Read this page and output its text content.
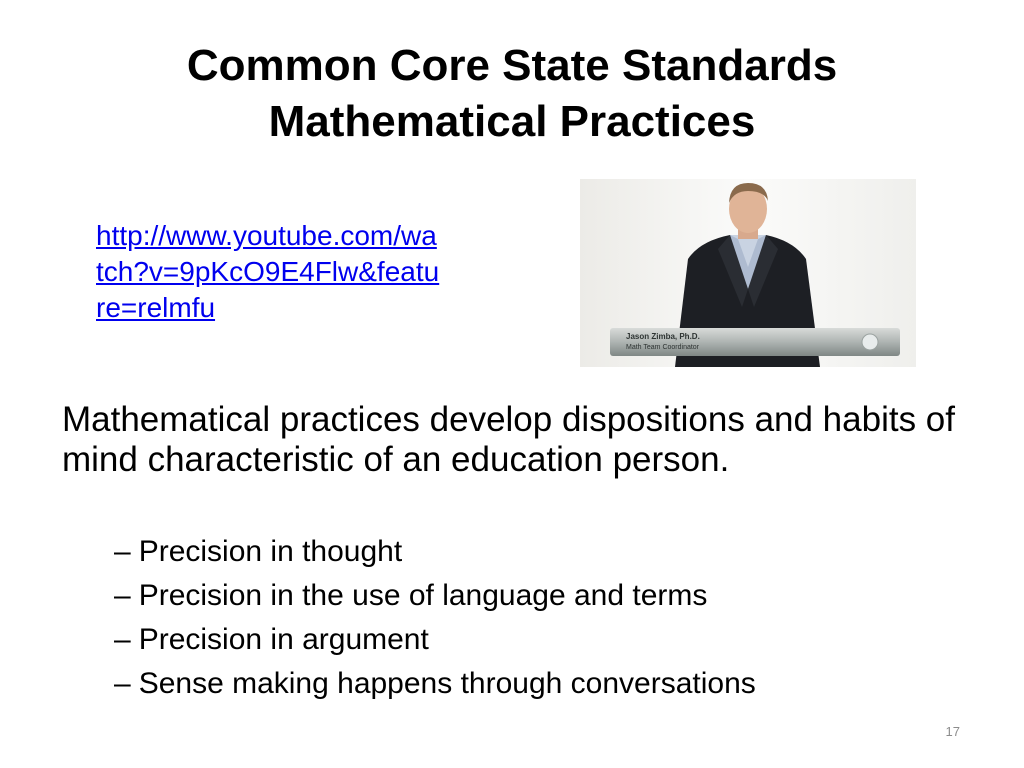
Common Core State Standards
Mathematical Practices
http://www.youtube.com/wa
tch?v=9pKcO9E4Flw&featu
re=relmfu
Jason Zimba, Ph.D.
Math Team Coordinator
Mathematical practices develop dispositions and habits of mind characteristic of an education person.
– Precision in thought
– Precision in the use of language and terms
– Precision in argument
– Sense making happens through conversations
17
